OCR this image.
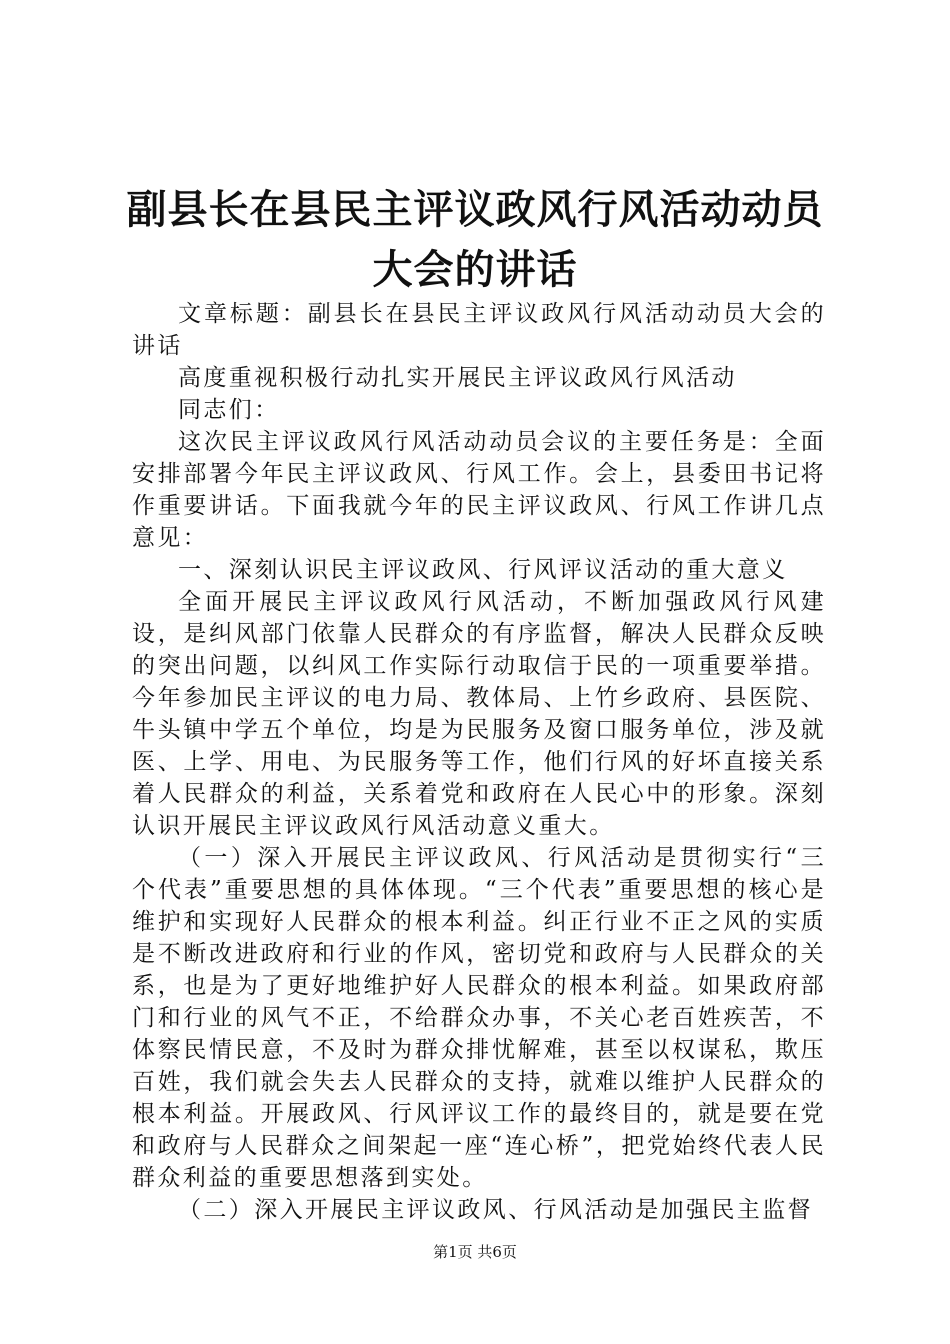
副县长在县民主评议政风行风活动动员大会的讲话

文章标题：副县长在县民主评议政风行风活动动员大会的讲话

高度重视积极行动扎实开展民主评议政风行风活动

同志们：

这次民主评议政风行风活动动员会议的主要任务是：全面安排部署今年民主评议政风、行风工作。会上，县委田书记将作重要讲话。下面我就今年的民主评议政风、行风工作讲几点意见：

一、深刻认识民主评议政风、行风评议活动的重大意义

全面开展民主评议政风行风活动，不断加强政风行风建设，是纠风部门依靠人民群众的有序监督，解决人民群众反映的突出问题，以纠风工作实际行动取信于民的一项重要举措。今年参加民主评议的电力局、教体局、上竹乡政府、县医院、牛头镇中学五个单位，均是为民服务及窗口服务单位，涉及就医、上学、用电、为民服务等工作，他们行风的好坏直接关系着人民群众的利益，关系着党和政府在人民心中的形象。深刻认识开展民主评议政风行风活动意义重大。

（一）深入开展民主评议政风、行风活动是贯彻实行“三个代表”重要思想的具体体现。“三个代表”重要思想的核心是维护和实现好人民群众的根本利益。纠正行业不正之风的实质是不断改进政府和行业的作风，密切党和政府与人民群众的关系，也是为了更好地维护好人民群众的根本利益。如果政府部门和行业的风气不正，不给群众办事，不关心老百姓疾苦，不体察民情民意，不及时为群众排忧解难，甚至以权谋私，欺压百姓，我们就会失去人民群众的支持，就难以维护人民群众的根本利益。开展政风、行风评议工作的最终目的，就是要在党和政府与人民群众之间架起一座“连心桥”，把党始终代表人民群众利益的重要思想落到实处。

（二）深入开展民主评议政风、行风活动是加强民主监督

第1页 共6页
